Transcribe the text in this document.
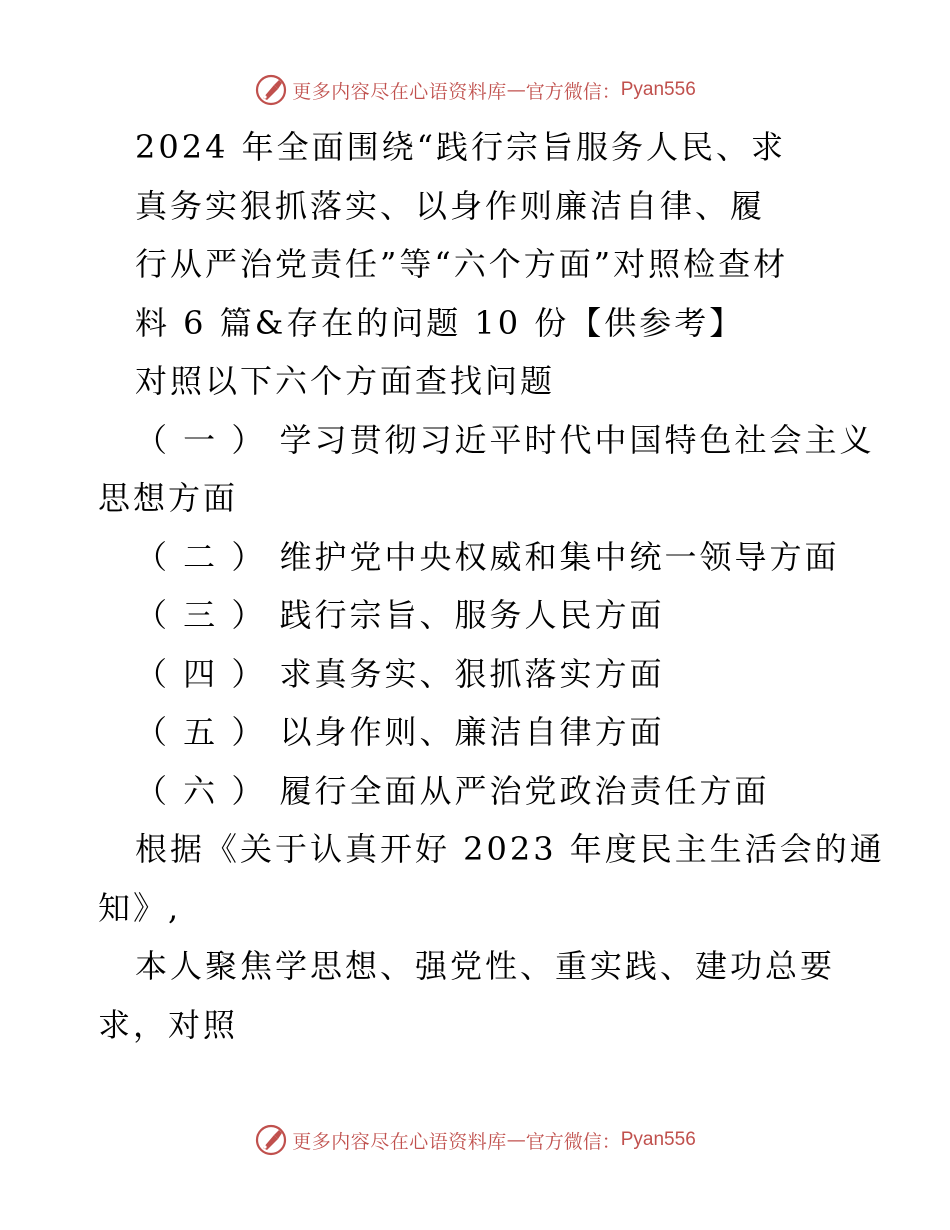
更多内容尽在心语资料库 — 官方微信： Pyan556
2024 年全面围绕“践行宗旨服务人民、求
真务实狠抓落实、以身作则廉洁自律、履
行从严治党责任”等“六个方面”对照检查材
料 6 篇&存在的问题 10 份【供参考】
对照以下六个方面查找问题
（ 一 ） 学习贯彻习近平时代中国特色社会主义
思想方面
（ 二 ） 维护党中央权威和集中统一领导方面
（ 三 ） 践行宗旨、服务人民方面
（ 四 ） 求真务实、狠抓落实方面
（ 五 ） 以身作则、廉洁自律方面
（ 六 ） 履行全面从严治党政治责任方面
根据《关于认真开好 2023 年度民主生活会的通
知》,
本人聚焦学思想、强党性、重实践、建功总要
求，对照
更多内容尽在心语资料库 — 官方微信： Pyan556
